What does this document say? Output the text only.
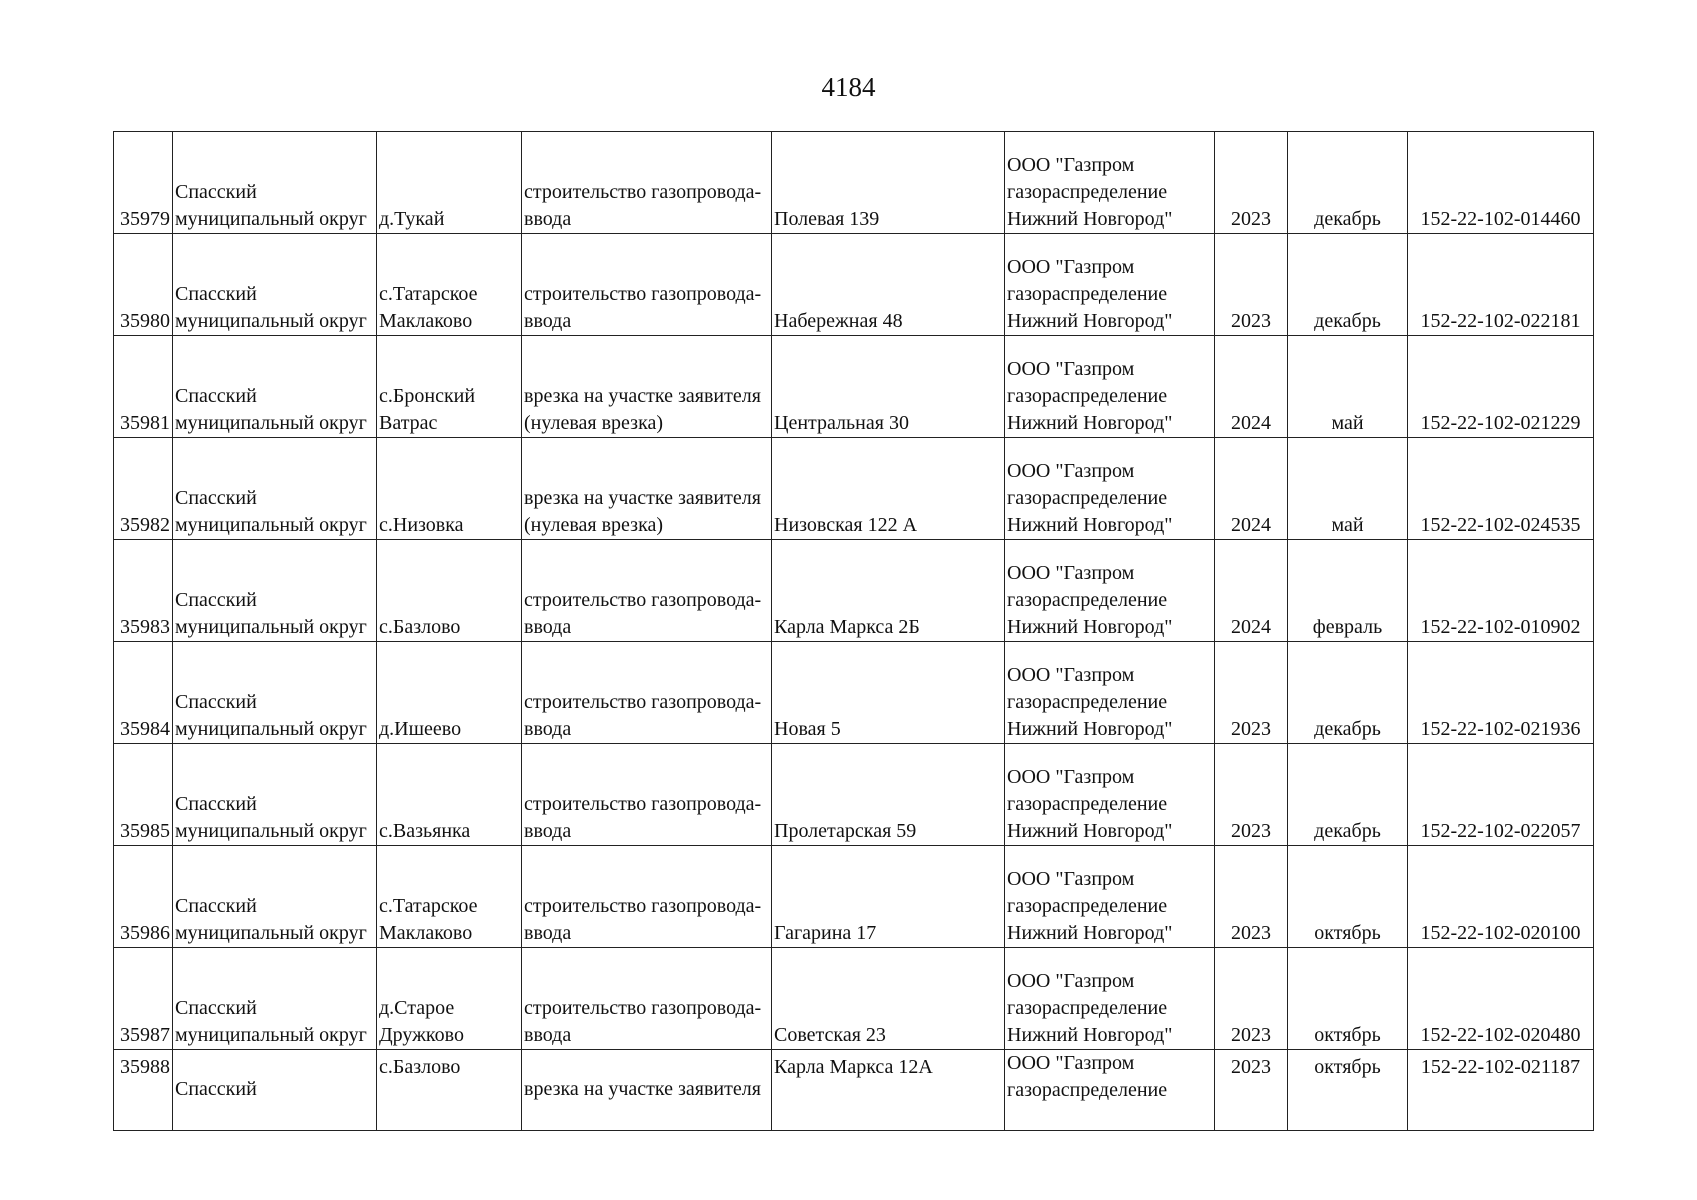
4184
35979	Спасский
муниципальный округ	д.Тукай	строительство газопровода-
ввода	Полевая 139	ООО "Газпром
газораспределение
Нижний Новгород"	2023	декабрь	152-22-102-014460
35980	Спасский
муниципальный округ	с.Татарское
Маклаково	строительство газопровода-
ввода	Набережная 48	ООО "Газпром
газораспределение
Нижний Новгород"	2023	декабрь	152-22-102-022181
35981	Спасский
муниципальный округ	с.Бронский
Ватрас	врезка на участке заявителя
(нулевая врезка)	Центральная 30	ООО "Газпром
газораспределение
Нижний Новгород"	2024	май	152-22-102-021229
35982	Спасский
муниципальный округ	с.Низовка	врезка на участке заявителя
(нулевая врезка)	Низовская 122 А	ООО "Газпром
газораспределение
Нижний Новгород"	2024	май	152-22-102-024535
35983	Спасский
муниципальный округ	с.Базлово	строительство газопровода-
ввода	Карла Маркса 2Б	ООО "Газпром
газораспределение
Нижний Новгород"	2024	февраль	152-22-102-010902
35984	Спасский
муниципальный округ	д.Ишеево	строительство газопровода-
ввода	Новая 5	ООО "Газпром
газораспределение
Нижний Новгород"	2023	декабрь	152-22-102-021936
35985	Спасский
муниципальный округ	с.Вазьянка	строительство газопровода-
ввода	Пролетарская 59	ООО "Газпром
газораспределение
Нижний Новгород"	2023	декабрь	152-22-102-022057
35986	Спасский
муниципальный округ	с.Татарское
Маклаково	строительство газопровода-
ввода	Гагарина 17	ООО "Газпром
газораспределение
Нижний Новгород"	2023	октябрь	152-22-102-020100
35987	Спасский
муниципальный округ	д.Старое
Дружково	строительство газопровода-
ввода	Советская 23	ООО "Газпром
газораспределение
Нижний Новгород"	2023	октябрь	152-22-102-020480
35988	Спасский	с.Базлово	врезка на участке заявителя	Карла Маркса 12А	ООО "Газпром
газораспределение	2023	октябрь	152-22-102-021187
